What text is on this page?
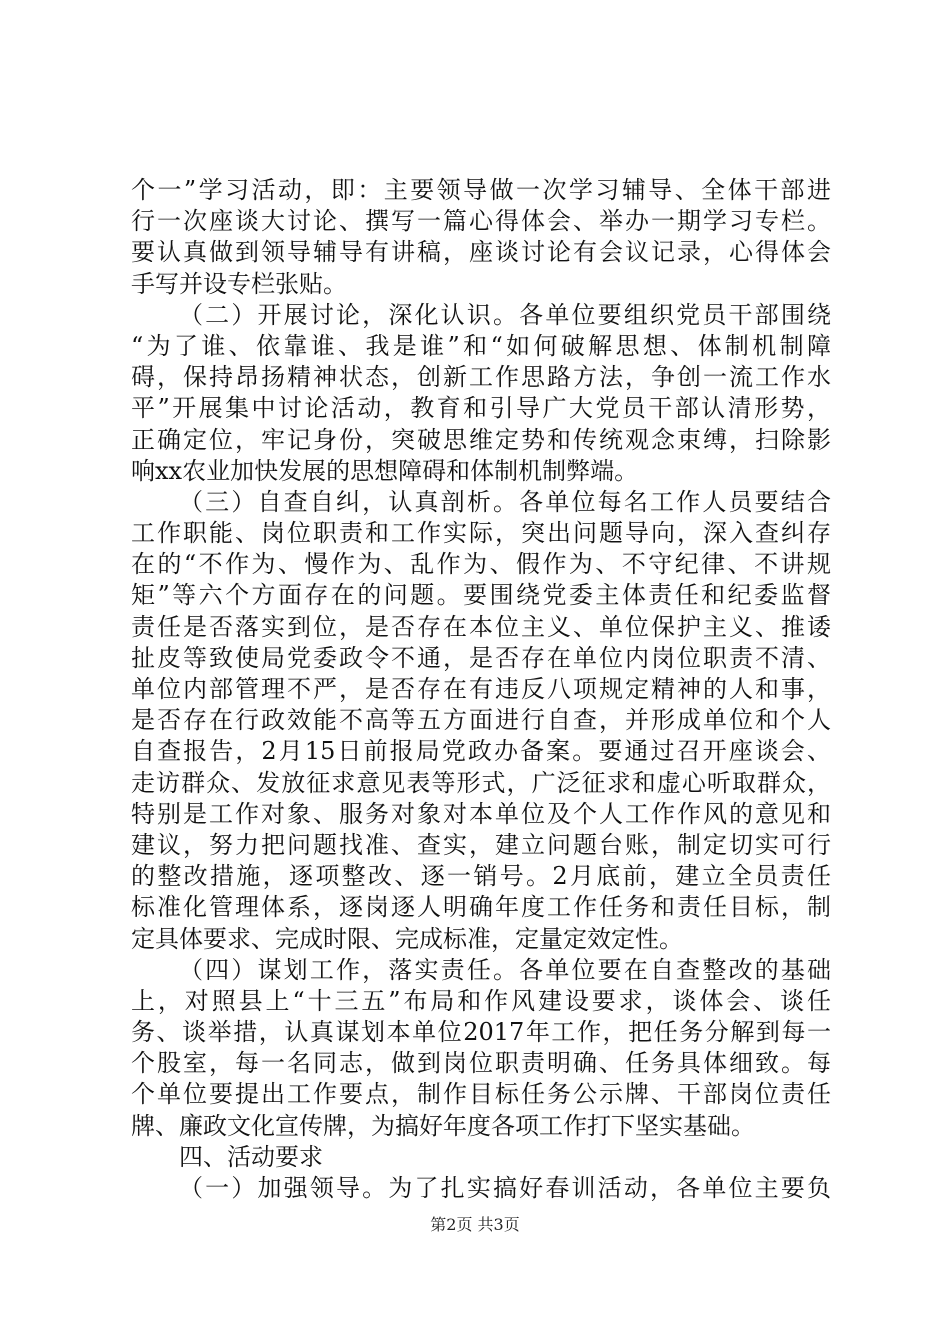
个一”学习活动，即：主要领导做一次学习辅导、全体干部进
行一次座谈大讨论、撰写一篇心得体会、举办一期学习专栏。
要认真做到领导辅导有讲稿，座谈讨论有会议记录，心得体会
手写并设专栏张贴。
（二）开展讨论，深化认识。各单位要组织党员干部围绕
“为了谁、依靠谁、我是谁”和“如何破解思想、体制机制障
碍，保持昂扬精神状态，创新工作思路方法，争创一流工作水
平”开展集中讨论活动，教育和引导广大党员干部认清形势，
正确定位，牢记身份，突破思维定势和传统观念束缚，扫除影
响xx农业加快发展的思想障碍和体制机制弊端。
（三）自查自纠，认真剖析。各单位每名工作人员要结合
工作职能、岗位职责和工作实际，突出问题导向，深入查纠存
在的“不作为、慢作为、乱作为、假作为、不守纪律、不讲规
矩”等六个方面存在的问题。要围绕党委主体责任和纪委监督
责任是否落实到位，是否存在本位主义、单位保护主义、推诿
扯皮等致使局党委政令不通，是否存在单位内岗位职责不清、
单位内部管理不严，是否存在有违反八项规定精神的人和事，
是否存在行政效能不高等五方面进行自查，并形成单位和个人
自查报告，2月15日前报局党政办备案。要通过召开座谈会、
走访群众、发放征求意见表等形式，广泛征求和虚心听取群众，
特别是工作对象、服务对象对本单位及个人工作作风的意见和
建议，努力把问题找准、查实，建立问题台账，制定切实可行
的整改措施，逐项整改、逐一销号。2月底前，建立全员责任
标准化管理体系，逐岗逐人明确年度工作任务和责任目标，制
定具体要求、完成时限、完成标准，定量定效定性。
（四）谋划工作，落实责任。各单位要在自查整改的基础
上，对照县上“十三五”布局和作风建设要求，谈体会、谈任
务、谈举措，认真谋划本单位2017年工作，把任务分解到每一
个股室，每一名同志，做到岗位职责明确、任务具体细致。每
个单位要提出工作要点，制作目标任务公示牌、干部岗位责任
牌、廉政文化宣传牌，为搞好年度各项工作打下坚实基础。
四、活动要求
（一）加强领导。为了扎实搞好春训活动，各单位主要负
第2页 共3页
